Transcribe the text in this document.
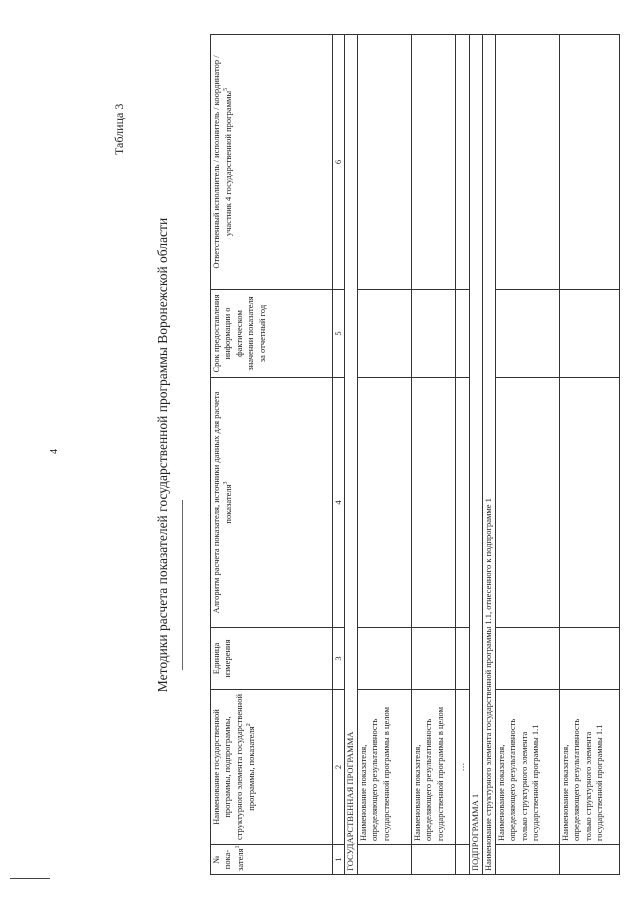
4
Таблица 3
Методики расчета показателей государственной программы Воронежской области
№ пока-зателя$^1$	Наименование государственной программы, подпрограммы, структурного элемента государственной программы, показателя$^2$	Единица измерения	Алгоритм расчета показателя, источники данных для расчета показателя$^3$	Срок предоставления информации о фактическом значении показателя за отчетный год	Ответственный исполнитель / исполнитель / координатор / участник 4 государственной программы$^5$
1	2	3	4	5	6
ГОСУДАРСТВЕННАЯ ПРОГРАММА					
	Наименование показателя, определяющего результативность государственной программы в целом				
	Наименование показателя, определяющего результативность государственной программы в целом				
	…				
ПОДПРОГРАММА 1					
Наименование структурного элемента государственной программы 1.1, отнесенного к подпрограмме 1					
	Наименование показателя, определяющего результативность только структурного элемента государственной программы 1.1				
	Наименование показателя, определяющего результативность только структурного элемента государственной программы 1.1				
